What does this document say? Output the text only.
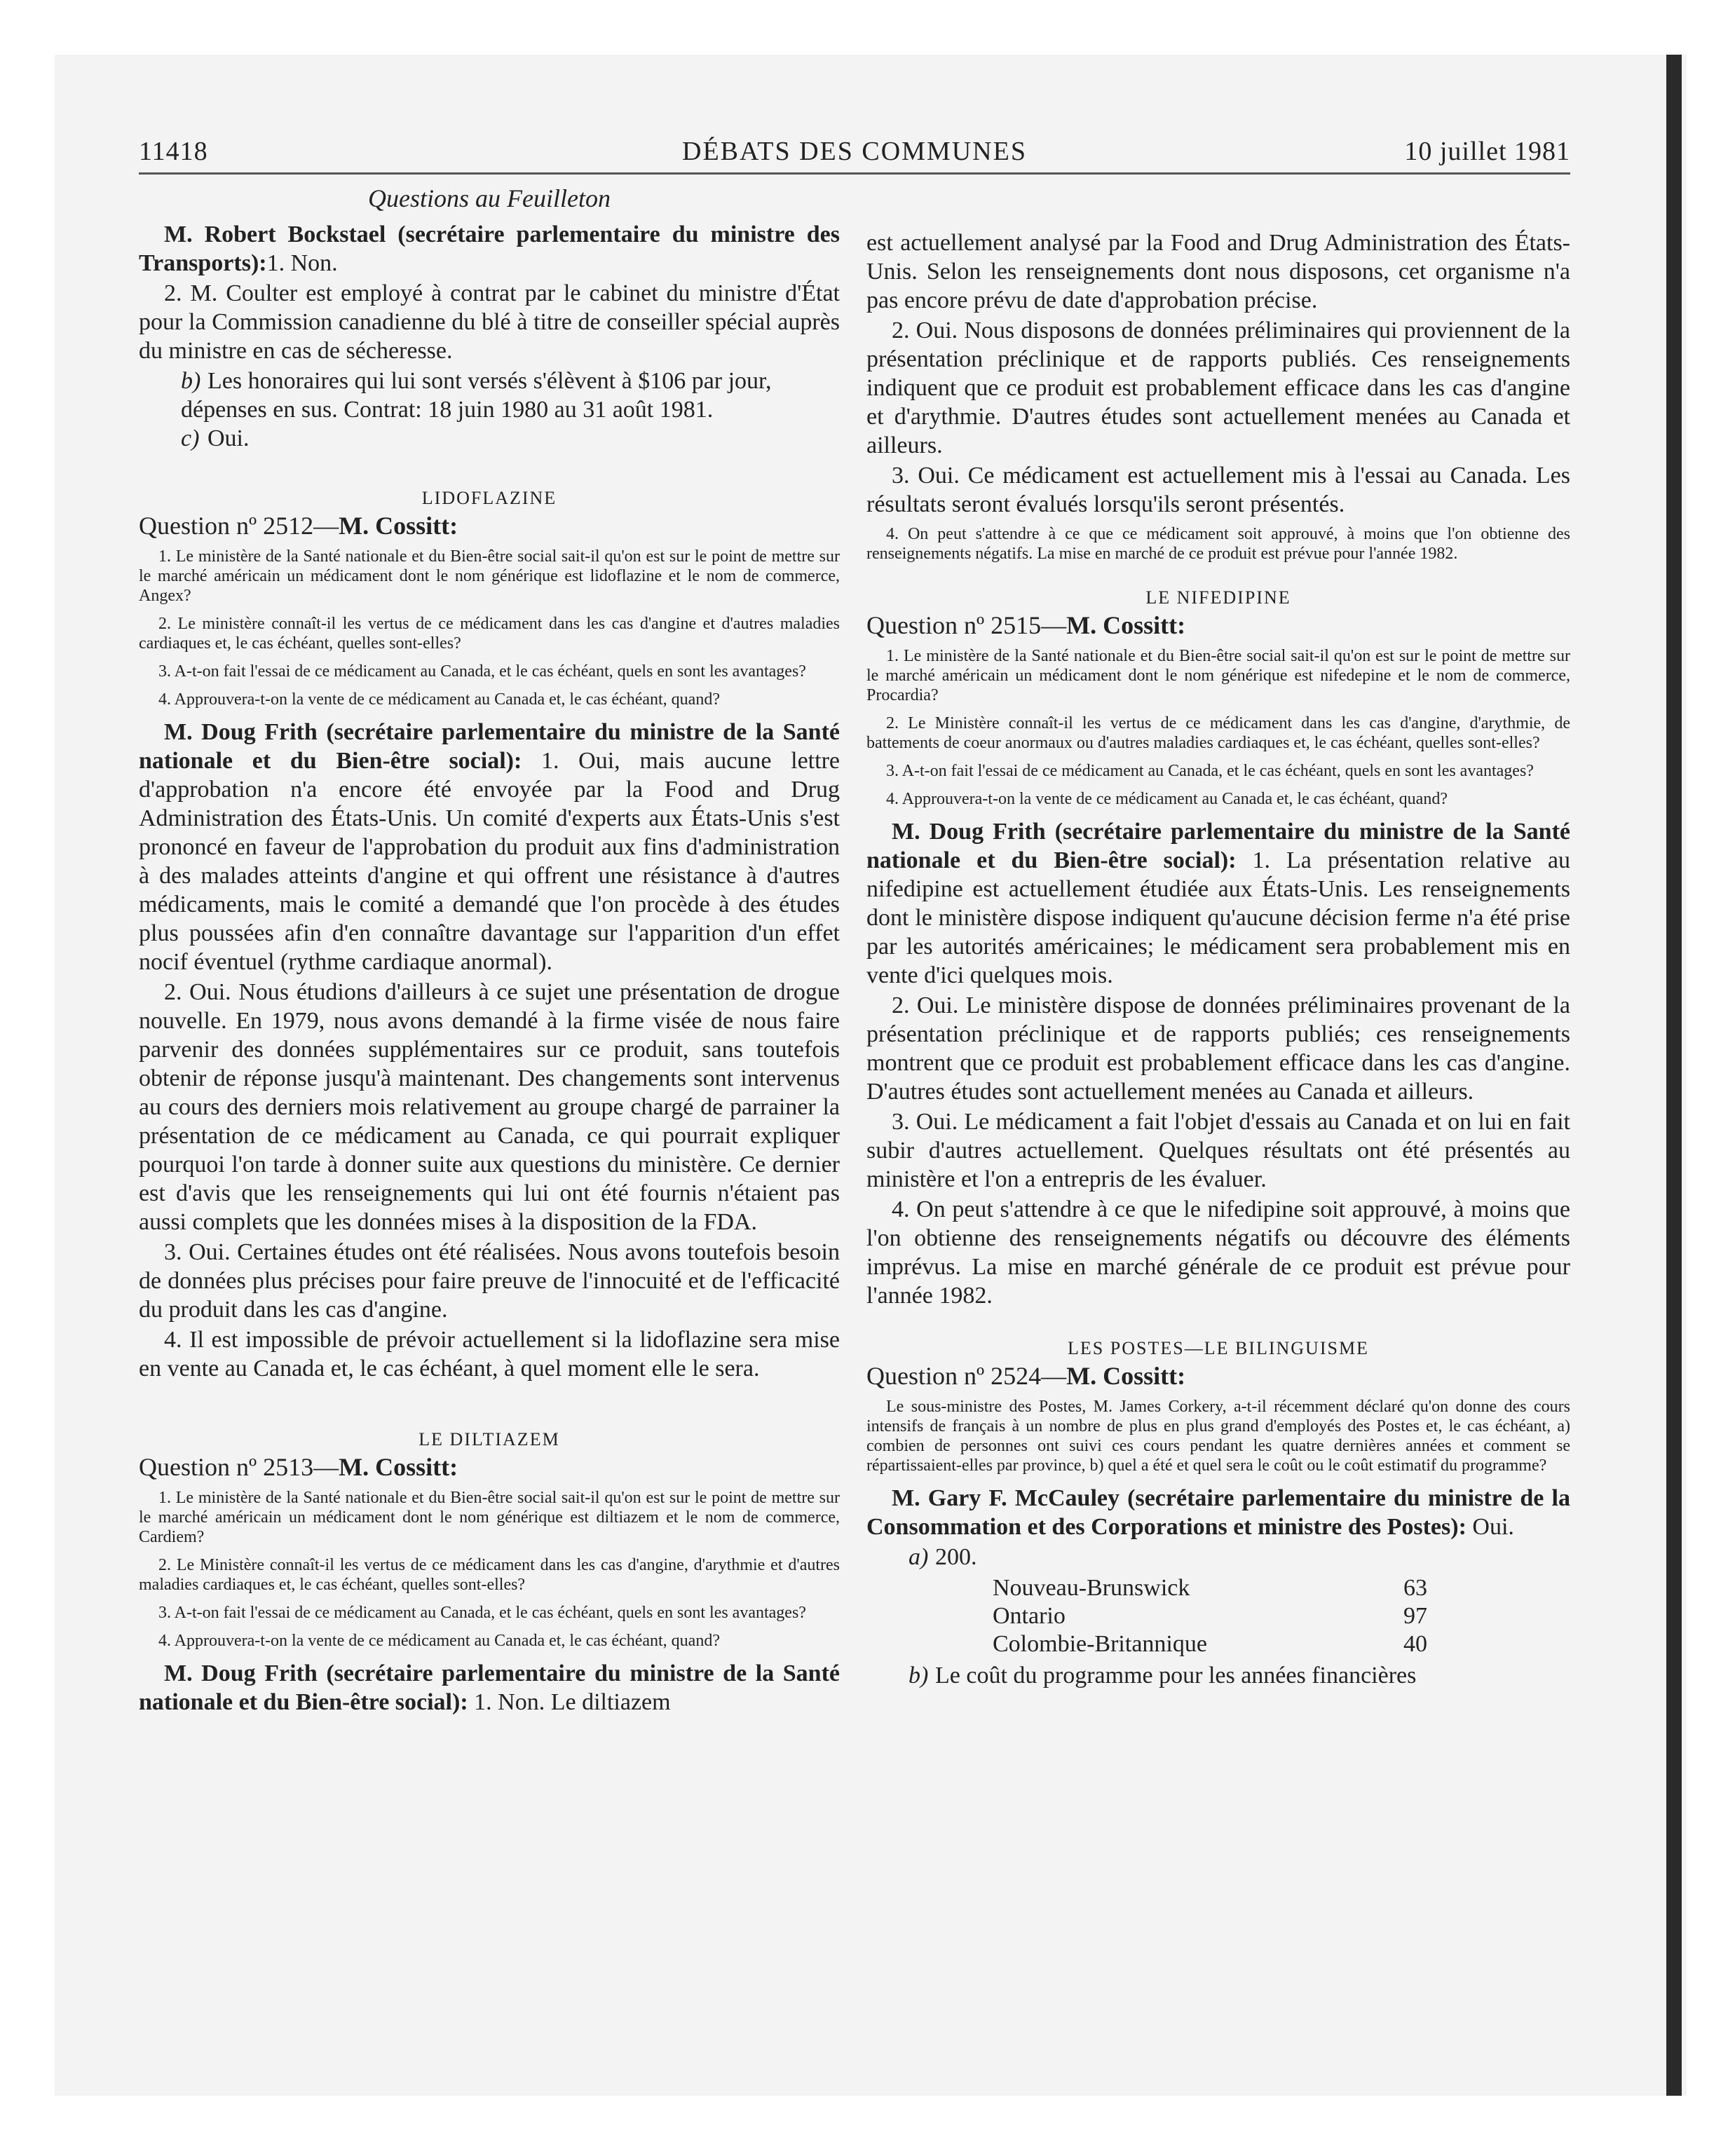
11418	DÉBATS DES COMMUNES	10 juillet 1981
Questions au Feuilleton

M. Robert Bockstael (secrétaire parlementaire du ministre des Transports):1. Non.

2. M. Coulter est employé à contrat par le cabinet du ministre d'État pour la Commission canadienne du blé à titre de conseiller spécial auprès du ministre en cas de sécheresse.

b) Les honoraires qui lui sont versés s'élèvent à $106 par jour, dépenses en sus. Contrat: 18 juin 1980 au 31 août 1981.

c) Oui.

LIDOFLAZINE

Question nº 2512—M. Cossitt:

1. Le ministère de la Santé nationale et du Bien-être social sait-il qu'on est sur le point de mettre sur le marché américain un médicament dont le nom générique est lidoflazine et le nom de commerce, Angex?

2. Le ministère connaît-il les vertus de ce médicament dans les cas d'angine et d'autres maladies cardiaques et, le cas échéant, quelles sont-elles?

3. A-t-on fait l'essai de ce médicament au Canada, et le cas échéant, quels en sont les avantages?

4. Approuvera-t-on la vente de ce médicament au Canada et, le cas échéant, quand?

M. Doug Frith (secrétaire parlementaire du ministre de la Santé nationale et du Bien-être social): 1. Oui, mais aucune lettre d'approbation n'a encore été envoyée par la Food and Drug Administration des États-Unis. Un comité d'experts aux États-Unis s'est prononcé en faveur de l'approbation du produit aux fins d'administration à des malades atteints d'angine et qui offrent une résistance à d'autres médicaments, mais le comité a demandé que l'on procède à des études plus poussées afin d'en connaître davantage sur l'apparition d'un effet nocif éventuel (rythme cardiaque anormal).

2. Oui. Nous étudions d'ailleurs à ce sujet une présentation de drogue nouvelle. En 1979, nous avons demandé à la firme visée de nous faire parvenir des données supplémentaires sur ce produit, sans toutefois obtenir de réponse jusqu'à maintenant. Des changements sont intervenus au cours des derniers mois relativement au groupe chargé de parrainer la présentation de ce médicament au Canada, ce qui pourrait expliquer pourquoi l'on tarde à donner suite aux questions du ministère. Ce dernier est d'avis que les renseignements qui lui ont été fournis n'étaient pas aussi complets que les données mises à la disposition de la FDA.

3. Oui. Certaines études ont été réalisées. Nous avons toutefois besoin de données plus précises pour faire preuve de l'innocuité et de l'efficacité du produit dans les cas d'angine.

4. Il est impossible de prévoir actuellement si la lidoflazine sera mise en vente au Canada et, le cas échéant, à quel moment elle le sera.

LE DILTIAZEM

Question nº 2513—M. Cossitt:

1. Le ministère de la Santé nationale et du Bien-être social sait-il qu'on est sur le point de mettre sur le marché américain un médicament dont le nom générique est diltiazem et le nom de commerce, Cardiem?

2. Le Ministère connaît-il les vertus de ce médicament dans les cas d'angine, d'arythmie et d'autres maladies cardiaques et, le cas échéant, quelles sont-elles?

3. A-t-on fait l'essai de ce médicament au Canada, et le cas échéant, quels en sont les avantages?

4. Approuvera-t-on la vente de ce médicament au Canada et, le cas échéant, quand?

M. Doug Frith (secrétaire parlementaire du ministre de la Santé nationale et du Bien-être social): 1. Non. Le diltiazem

est actuellement analysé par la Food and Drug Administration des États-Unis. Selon les renseignements dont nous disposons, cet organisme n'a pas encore prévu de date d'approbation précise.

2. Oui. Nous disposons de données préliminaires qui proviennent de la présentation préclinique et de rapports publiés. Ces renseignements indiquent que ce produit est probablement efficace dans les cas d'angine et d'arythmie. D'autres études sont actuellement menées au Canada et ailleurs.

3. Oui. Ce médicament est actuellement mis à l'essai au Canada. Les résultats seront évalués lorsqu'ils seront présentés.

4. On peut s'attendre à ce que ce médicament soit approuvé, à moins que l'on obtienne des renseignements négatifs. La mise en marché de ce produit est prévue pour l'année 1982.

LE NIFEDIPINE

Question nº 2515—M. Cossitt:

1. Le ministère de la Santé nationale et du Bien-être social sait-il qu'on est sur le point de mettre sur le marché américain un médicament dont le nom générique est nifedepine et le nom de commerce, Procardia?

2. Le Ministère connaît-il les vertus de ce médicament dans les cas d'angine, d'arythmie, de battements de coeur anormaux ou d'autres maladies cardiaques et, le cas échéant, quelles sont-elles?

3. A-t-on fait l'essai de ce médicament au Canada, et le cas échéant, quels en sont les avantages?

4. Approuvera-t-on la vente de ce médicament au Canada et, le cas échéant, quand?

M. Doug Frith (secrétaire parlementaire du ministre de la Santé nationale et du Bien-être social): 1. La présentation relative au nifedipine est actuellement étudiée aux États-Unis. Les renseignements dont le ministère dispose indiquent qu'aucune décision ferme n'a été prise par les autorités américaines; le médicament sera probablement mis en vente d'ici quelques mois.

2. Oui. Le ministère dispose de données préliminaires provenant de la présentation préclinique et de rapports publiés; ces renseignements montrent que ce produit est probablement efficace dans les cas d'angine. D'autres études sont actuellement menées au Canada et ailleurs.

3. Oui. Le médicament a fait l'objet d'essais au Canada et on lui en fait subir d'autres actuellement. Quelques résultats ont été présentés au ministère et l'on a entrepris de les évaluer.

4. On peut s'attendre à ce que le nifedipine soit approuvé, à moins que l'on obtienne des renseignements négatifs ou découvre des éléments imprévus. La mise en marché générale de ce produit est prévue pour l'année 1982.

LES POSTES—LE BILINGUISME

Question nº 2524—M. Cossitt:

Le sous-ministre des Postes, M. James Corkery, a-t-il récemment déclaré qu'on donne des cours intensifs de français à un nombre de plus en plus grand d'employés des Postes et, le cas échéant, a) combien de personnes ont suivi ces cours pendant les quatre dernières années et comment se répartissaient-elles par province, b) quel a été et quel sera le coût ou le coût estimatif du programme?

M. Gary F. McCauley (secrétaire parlementaire du ministre de la Consommation et des Corporations et ministre des Postes): Oui.

a) 200.

Nouveau-Brunswick	63
Ontario	97
Colombie-Britannique	40

b) Le coût du programme pour les années financières
